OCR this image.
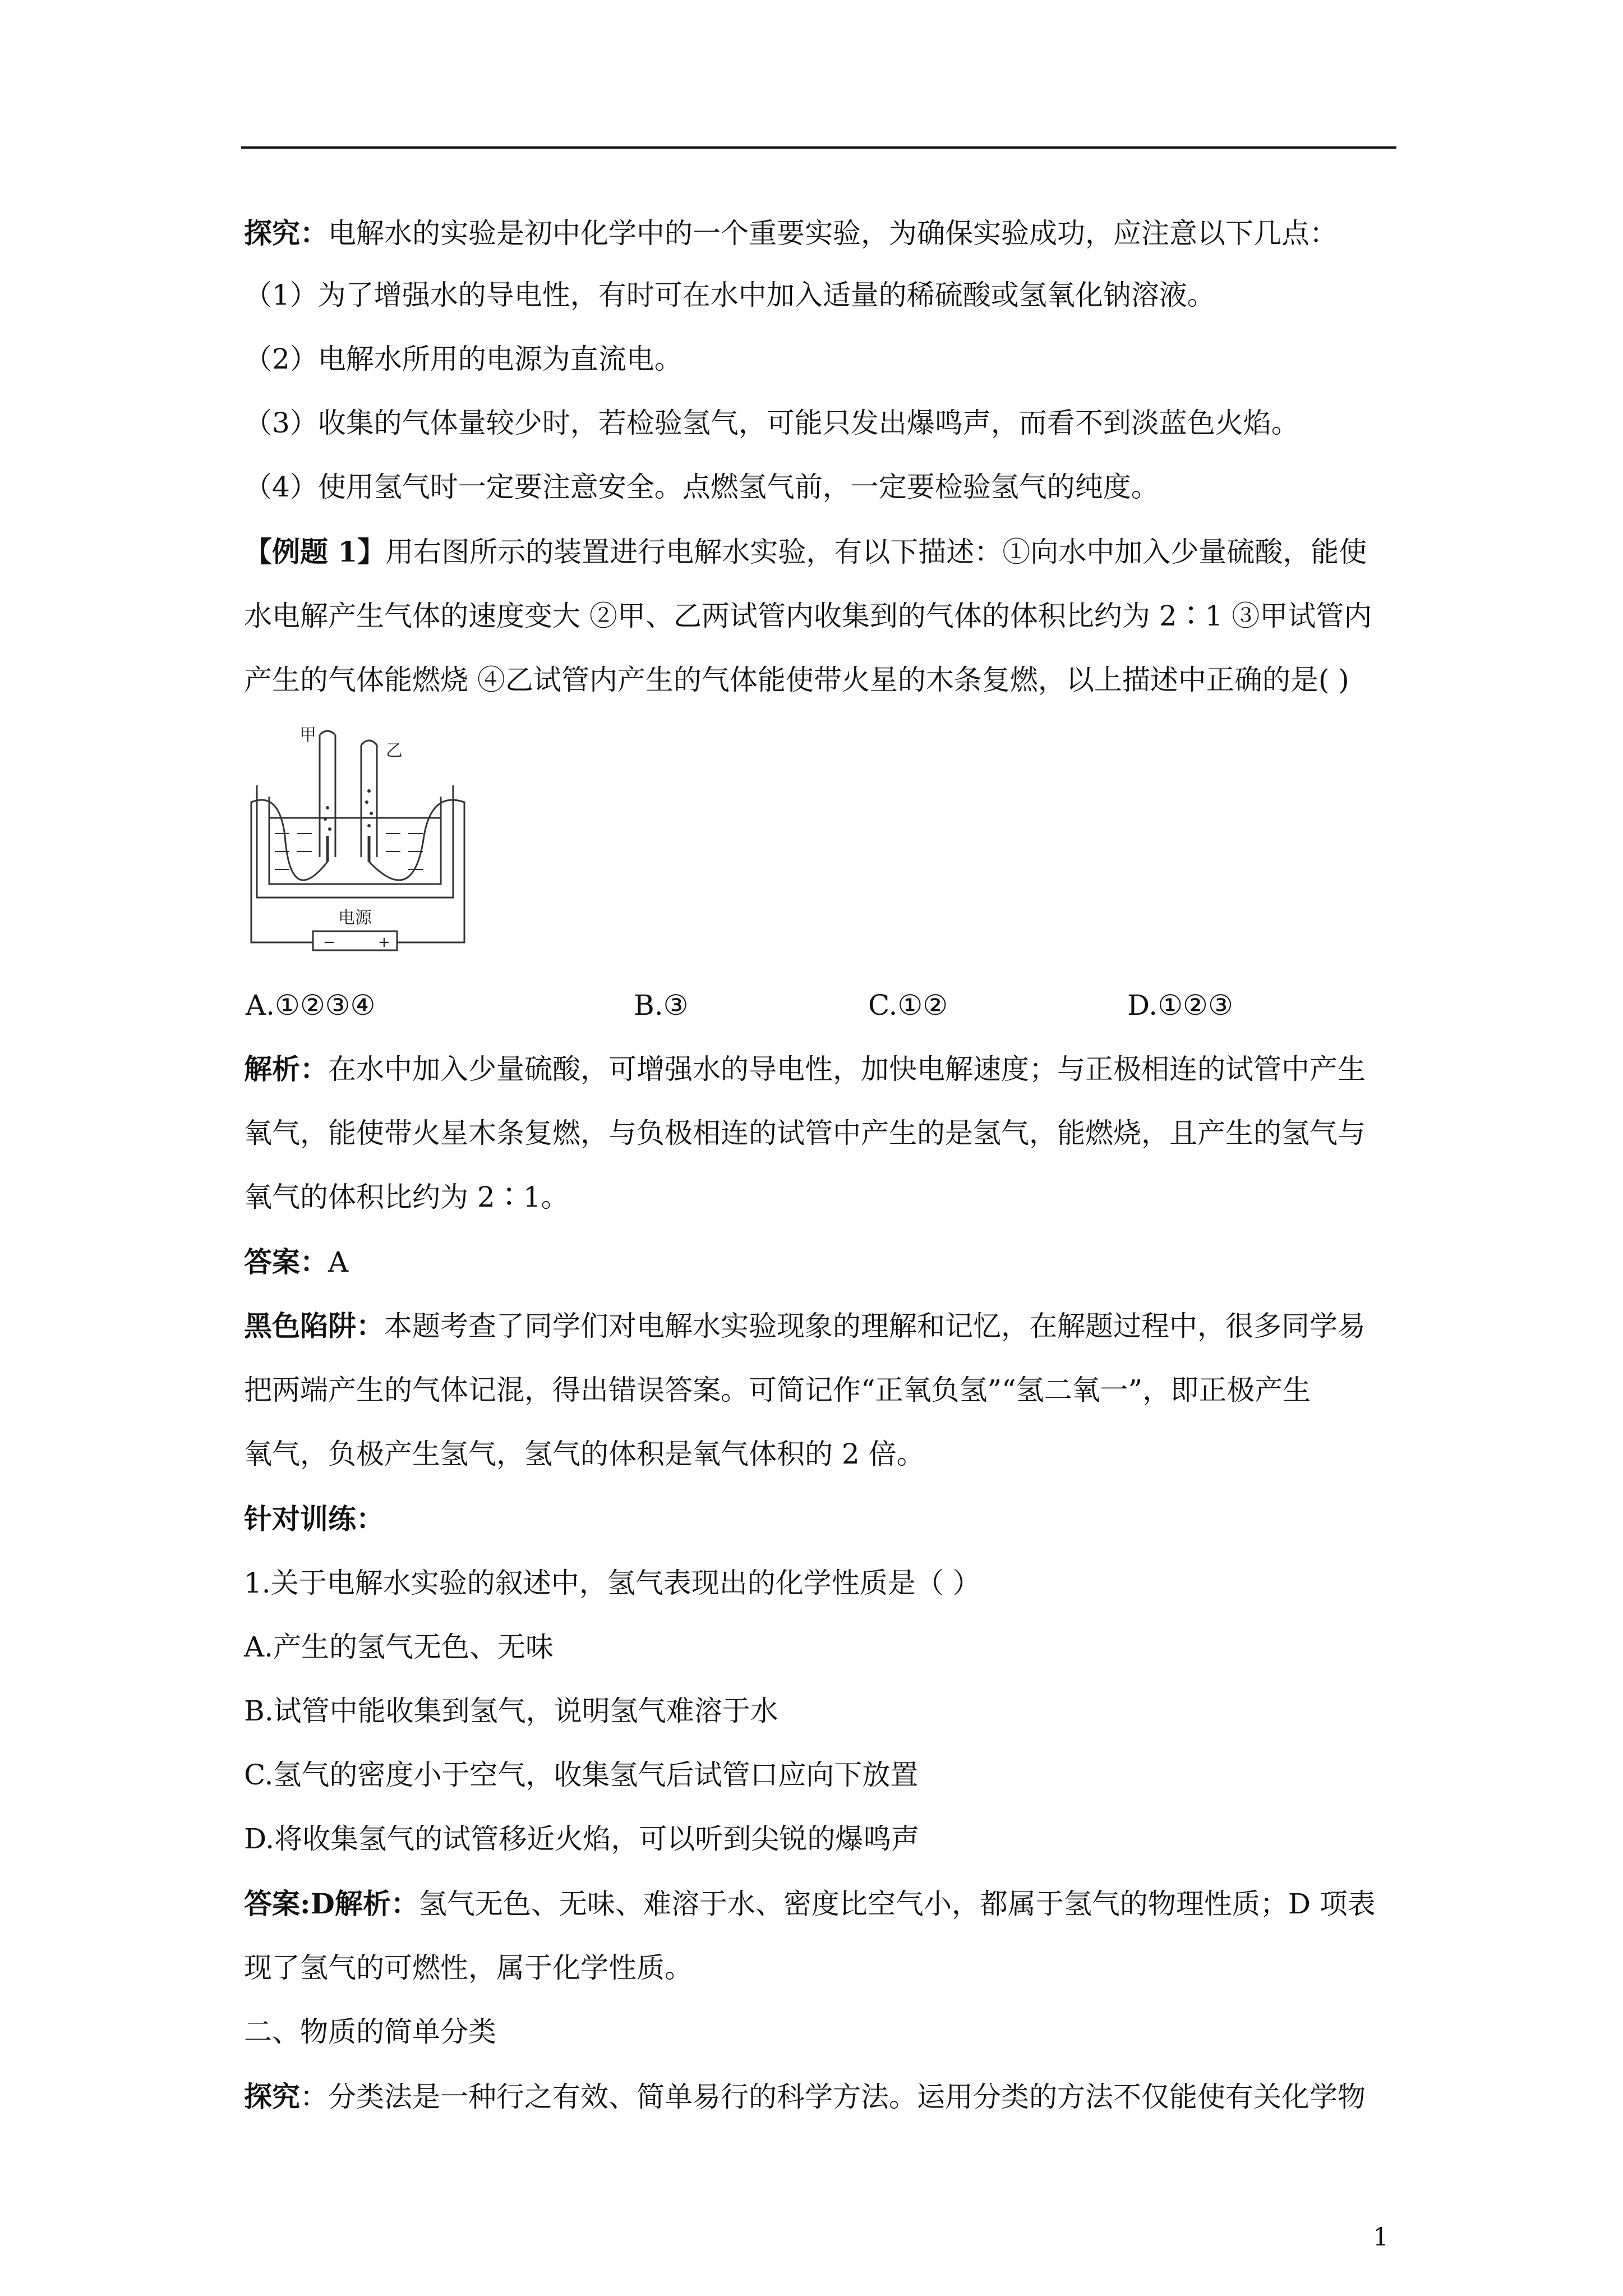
探究：电解水的实验是初中化学中的一个重要实验，为确保实验成功，应注意以下几点：
（1）为了增强水的导电性，有时可在水中加入适量的稀硫酸或氢氧化钠溶液。
（2）电解水所用的电源为直流电。
（3）收集的气体量较少时，若检验氢气，可能只发出爆鸣声，而看不到淡蓝色火焰。
（4）使用氢气时一定要注意安全。点燃氢气前，一定要检验氢气的纯度。
【例题 1】用右图所示的装置进行电解水实验，有以下描述：①向水中加入少量硫酸，能使
水电解产生气体的速度变大 ②甲、乙两试管内收集到的气体的体积比约为 2∶1 ③甲试管内
产生的气体能燃烧 ④乙试管内产生的气体能使带火星的木条复燃，以上描述中正确的是( )
甲
乙
电源
−	+
A.①②③④	B.③	C.①②	D.①②③
解析：在水中加入少量硫酸，可增强水的导电性，加快电解速度；与正极相连的试管中产生
氧气，能使带火星木条复燃，与负极相连的试管中产生的是氢气，能燃烧，且产生的氢气与
氧气的体积比约为 2∶1。
答案：A
黑色陷阱：本题考查了同学们对电解水实验现象的理解和记忆，在解题过程中，很多同学易
把两端产生的气体记混，得出错误答案。可简记作“正氧负氢”“氢二氧一”，即正极产生
氧气，负极产生氢气，氢气的体积是氧气体积的 2 倍。
针对训练：
1.关于电解水实验的叙述中，氢气表现出的化学性质是（ ）
A.产生的氢气无色、无味
B.试管中能收集到氢气，说明氢气难溶于水
C.氢气的密度小于空气，收集氢气后试管口应向下放置
D.将收集氢气的试管移近火焰，可以听到尖锐的爆鸣声
答案:D解析：氢气无色、无味、难溶于水、密度比空气小，都属于氢气的物理性质；D 项表
现了氢气的可燃性，属于化学性质。
二、物质的简单分类
探究：分类法是一种行之有效、简单易行的科学方法。运用分类的方法不仅能使有关化学物
1
